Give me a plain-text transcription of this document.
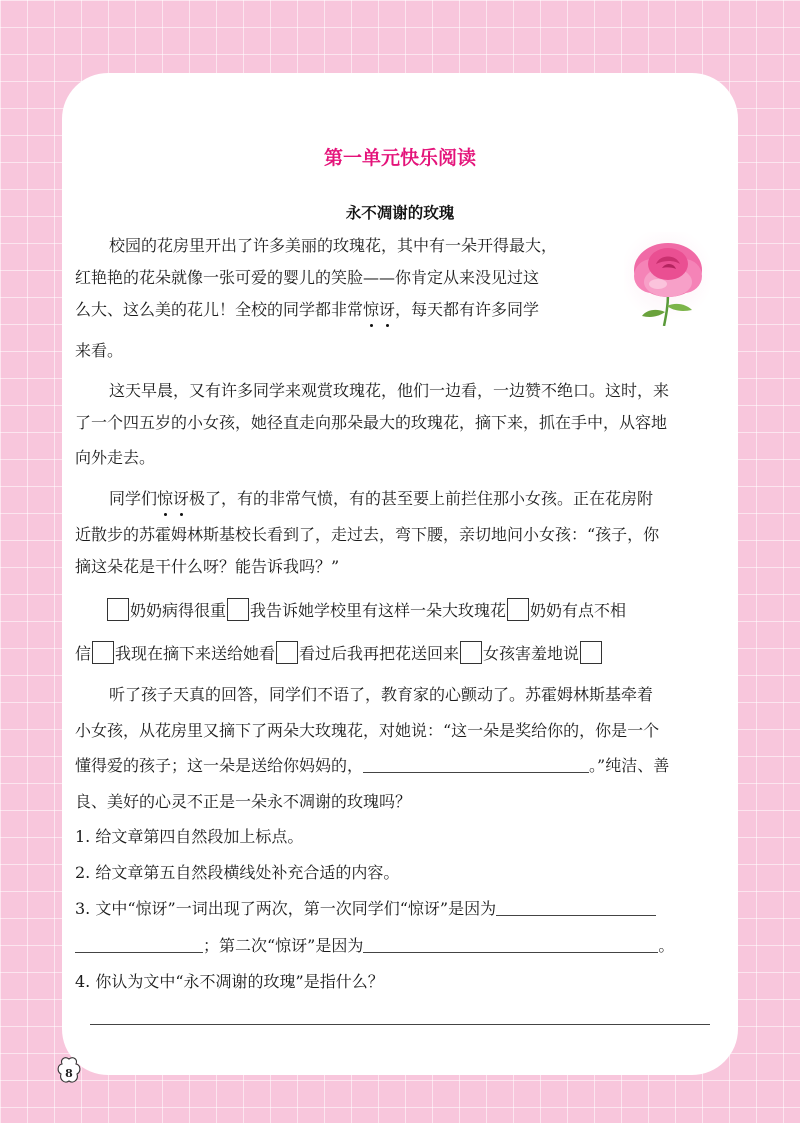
第一单元快乐阅读
永不凋谢的玫瑰
校园的花房里开出了许多美丽的玫瑰花，其中有一朵开得最大，
红艳艳的花朵就像一张可爱的婴儿的笑脸——你肯定从来没见过这
么大、这么美的花儿！全校的同学都非常惊讶，每天都有许多同学
来看。
这天早晨，又有许多同学来观赏玫瑰花，他们一边看，一边赞不绝口。这时，来
了一个四五岁的小女孩，她径直走向那朵最大的玫瑰花，摘下来，抓在手中，从容地
向外走去。
同学们惊讶极了，有的非常气愤，有的甚至要上前拦住那小女孩。正在花房附
近散步的苏霍姆林斯基校长看到了，走过去，弯下腰，亲切地问小女孩：“孩子，你
摘这朵花是干什么呀？能告诉我吗？”
奶奶病得很重 我告诉她学校里有这样一朵大玫瑰花 奶奶有点不相
信 我现在摘下来送给她看 看过后我再把花送回来 女孩害羞地说
听了孩子天真的回答，同学们不语了，教育家的心颤动了。苏霍姆林斯基牵着
小女孩，从花房里又摘下了两朵大玫瑰花，对她说：“这一朵是奖给你的，你是一个
懂得爱的孩子；这一朵是送给你妈妈的，	。”纯洁、善
良、美好的心灵不正是一朵永不凋谢的玫瑰吗？
1. 给文章第四自然段加上标点。
2. 给文章第五自然段横线处补充合适的内容。
3. 文中“惊讶”一词出现了两次，第一次同学们“惊讶”是因为
；第二次“惊讶”是因为	。
4. 你认为文中“永不凋谢的玫瑰”是指什么？
8
